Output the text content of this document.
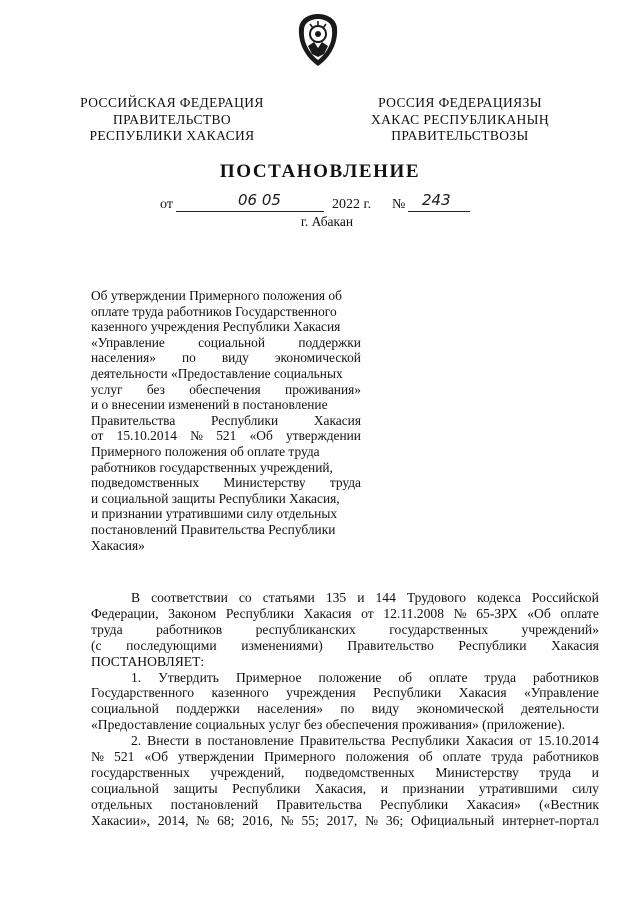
РОССИЙСКАЯ ФЕДЕРАЦИЯ
ПРАВИТЕЛЬСТВО
РЕСПУБЛИКИ ХАКАСИЯ
РОССИЯ ФЕДЕРАЦИЯЗЫ
ХАКАС РЕСПУБЛИКАНЫҢ
ПРАВИТЕЛЬСТВОЗЫ
ПОСТАНОВЛЕНИЕ
от	06 05	2022 г. № 243
г. Абакан
Об утверждении Примерного положения об
оплате труда работников Государственного
казенного учреждения Республики Хакасия
«Управление социальной поддержки
населения» по виду экономической
деятельности «Предоставление социальных
услуг без обеспечения проживания»
и о внесении изменений в постановление
Правительства	Республики	Хакасия
от 15.10.2014 № 521 «Об утверждении
Примерного положения об оплате труда
работников государственных учреждений,
подведомственных Министерству труда
и социальной защиты Республики Хакасия,
и признании утратившими силу отдельных
постановлений Правительства Республики
Хакасия»
В соответствии со статьями 135 и 144 Трудового кодекса Российской
Федерации, Законом Республики Хакасия от 12.11.2008 № 65-ЗРХ «Об оплате
труда работников республиканских государственных учреждений»
(с последующими изменениями) Правительство Республики Хакасия
ПОСТАНОВЛЯЕТ:
1. Утвердить Примерное положение об оплате труда работников
Государственного казенного учреждения Республики Хакасия «Управление
социальной поддержки населения» по виду экономической деятельности
«Предоставление социальных услуг без обеспечения проживания» (приложение).
2. Внести в постановление Правительства Республики Хакасия от 15.10.2014
№ 521 «Об утверждении Примерного положения об оплате труда работников
государственных учреждений, подведомственных Министерству труда и
социальной защиты Республики Хакасия, и признании утратившими силу
отдельных постановлений Правительства Республики Хакасия» («Вестник
Хакасии», 2014, № 68; 2016, № 55; 2017, № 36; Официальный интернет-портал
